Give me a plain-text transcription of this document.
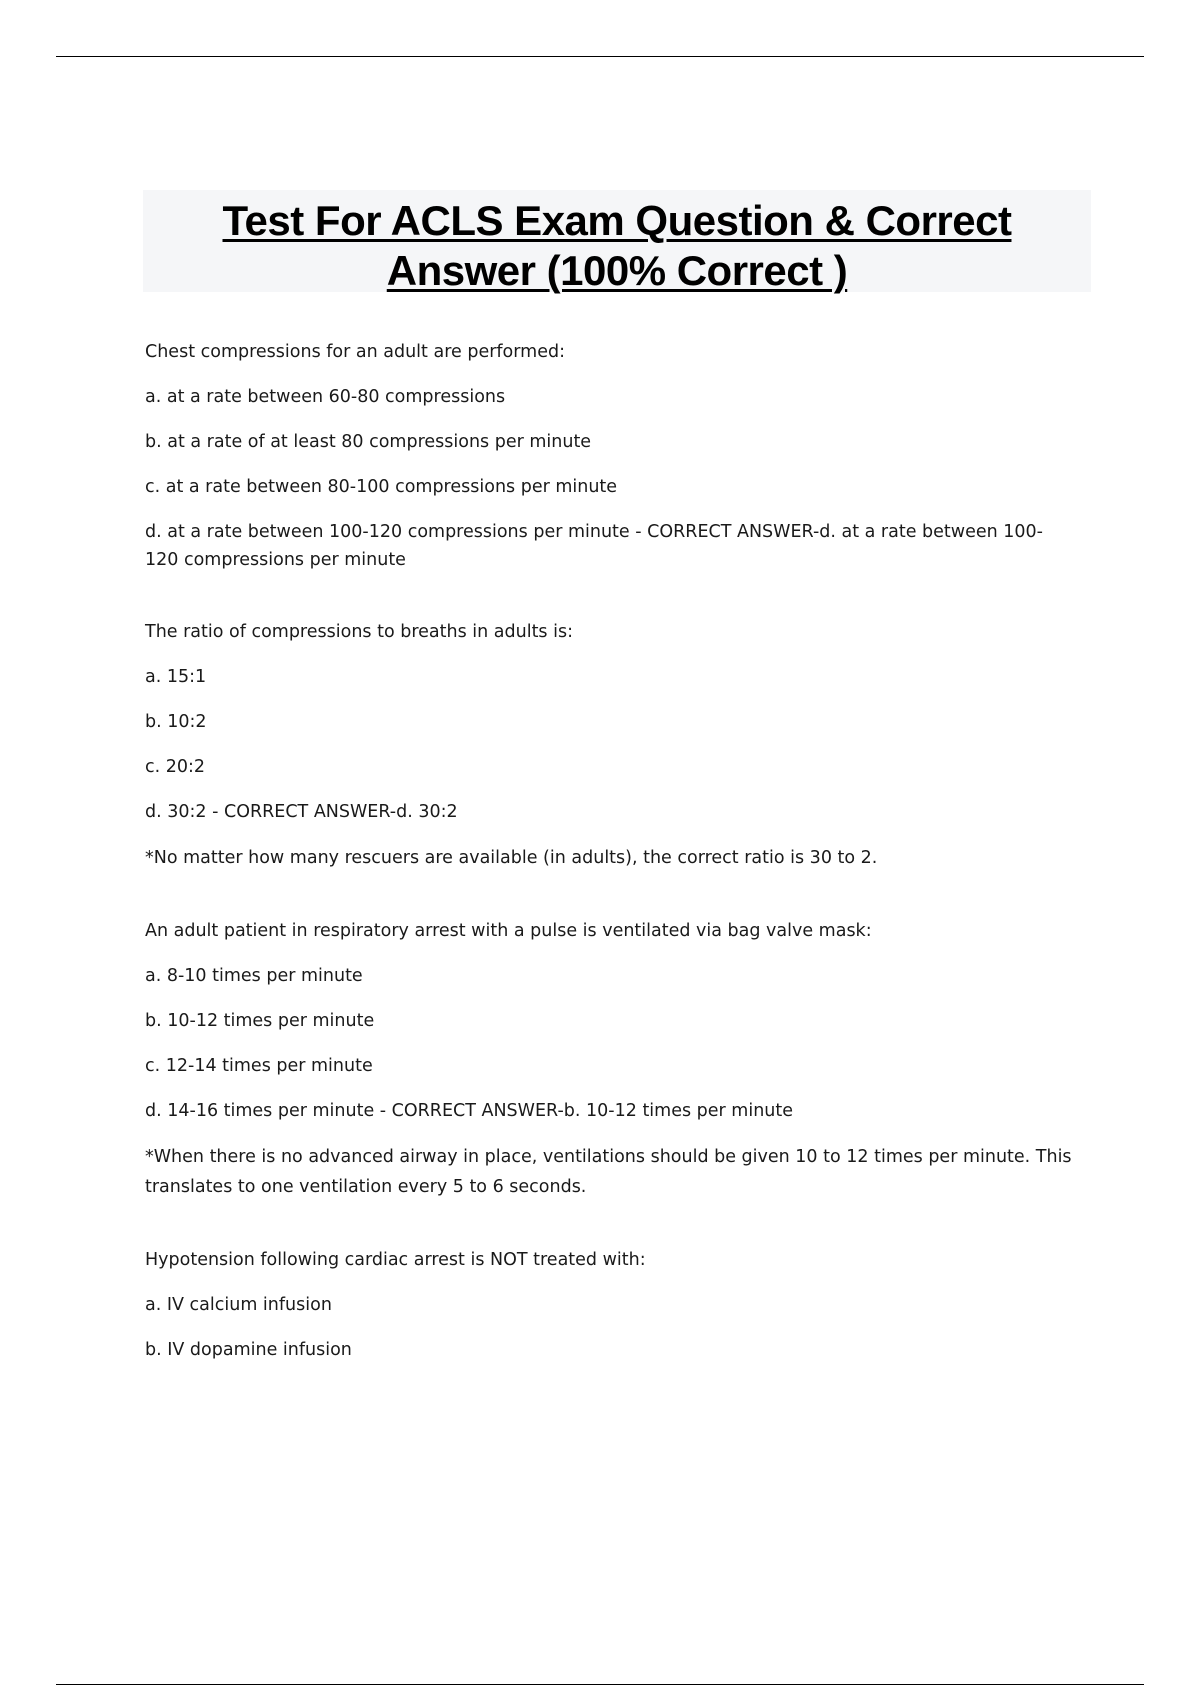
Test For ACLS Exam Question & Correct
Answer (100% Correct )

Chest compressions for an adult are performed:

a. at a rate between 60-80 compressions

b. at a rate of at least 80 compressions per minute

c. at a rate between 80-100 compressions per minute

d. at a rate between 100-120 compressions per minute - CORRECT ANSWER-d. at a rate between 100-120 compressions per minute

The ratio of compressions to breaths in adults is:

a. 15:1

b. 10:2

c. 20:2

d. 30:2 - CORRECT ANSWER-d. 30:2

*No matter how many rescuers are available (in adults), the correct ratio is 30 to 2.

An adult patient in respiratory arrest with a pulse is ventilated via bag valve mask:

a. 8-10 times per minute

b. 10-12 times per minute

c. 12-14 times per minute

d. 14-16 times per minute - CORRECT ANSWER-b. 10-12 times per minute

*When there is no advanced airway in place, ventilations should be given 10 to 12 times per minute. This translates to one ventilation every 5 to 6 seconds.

Hypotension following cardiac arrest is NOT treated with:

a. IV calcium infusion

b. IV dopamine infusion
